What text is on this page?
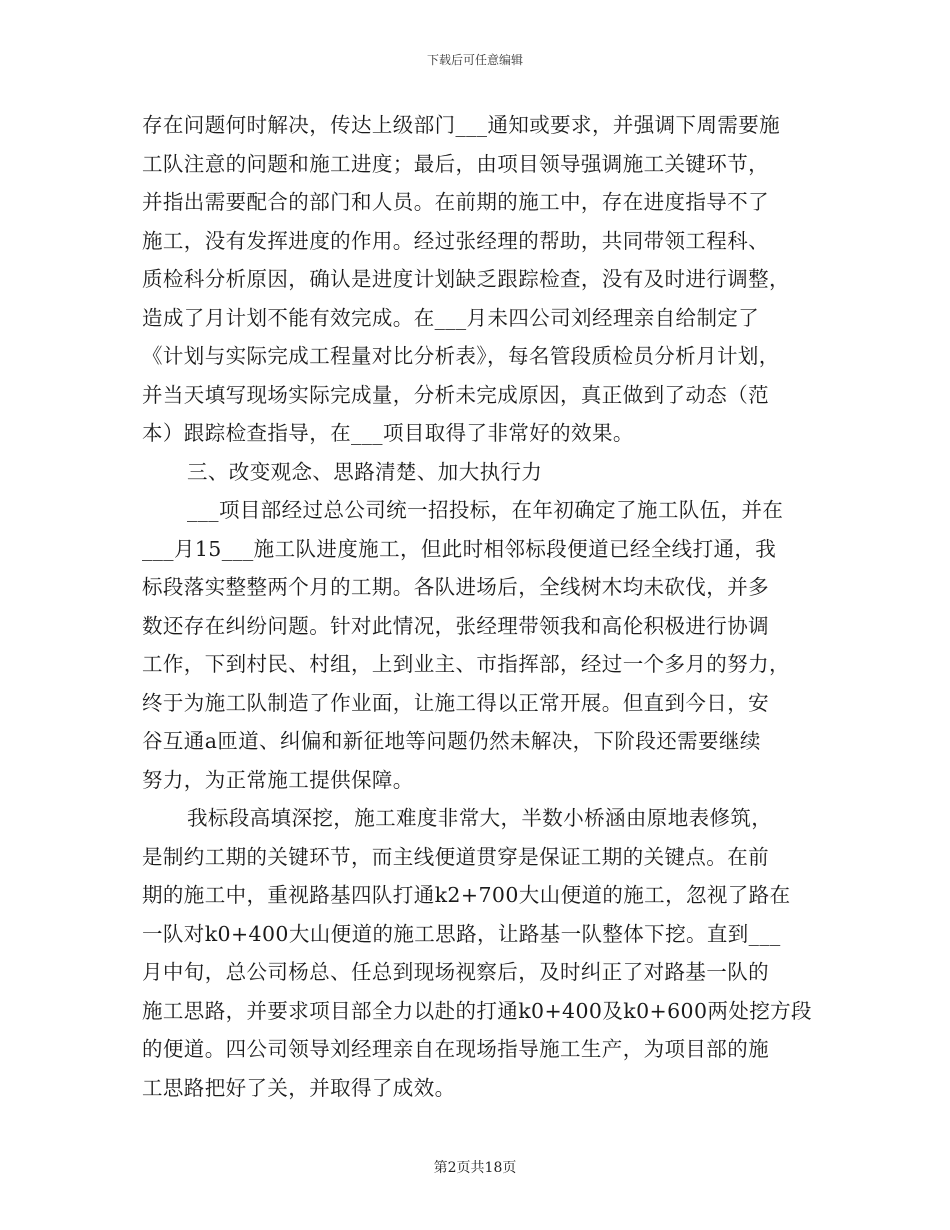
下载后可任意编辑
存在问题何时解决，传达上级部门___通知或要求，并强调下周需要施
工队注意的问题和施工进度；最后，由项目领导强调施工关键环节，
并指出需要配合的部门和人员。在前期的施工中，存在进度指导不了
施工，没有发挥进度的作用。经过张经理的帮助，共同带领工程科、
质检科分析原因，确认是进度计划缺乏跟踪检查，没有及时进行调整，
造成了月计划不能有效完成。在___月未四公司刘经理亲自给制定了
《计划与实际完成工程量对比分析表》，每名管段质检员分析月计划，
并当天填写现场实际完成量，分析未完成原因，真正做到了动态（范
本）跟踪检查指导，在___项目取得了非常好的效果。
三、改变观念、思路清楚、加大执行力
___项目部经过总公司统一招投标，在年初确定了施工队伍，并在
___月15___施工队进度施工，但此时相邻标段便道已经全线打通，我
标段落实整整两个月的工期。各队进场后，全线树木均未砍伐，并多
数还存在纠纷问题。针对此情况，张经理带领我和高伦积极进行协调
工作，下到村民、村组，上到业主、市指挥部，经过一个多月的努力，
终于为施工队制造了作业面，让施工得以正常开展。但直到今日，安
谷互通a匝道、纠偏和新征地等问题仍然未解决，下阶段还需要继续
努力，为正常施工提供保障。
我标段高填深挖，施工难度非常大，半数小桥涵由原地表修筑，
是制约工期的关键环节，而主线便道贯穿是保证工期的关键点。在前
期的施工中，重视路基四队打通k2+700大山便道的施工，忽视了路在
一队对k0+400大山便道的施工思路，让路基一队整体下挖。直到___
月中旬，总公司杨总、任总到现场视察后，及时纠正了对路基一队的
施工思路，并要求项目部全力以赴的打通k0+400及k0+600两处挖方段
的便道。四公司领导刘经理亲自在现场指导施工生产，为项目部的施
工思路把好了关，并取得了成效。
第2页共18页
